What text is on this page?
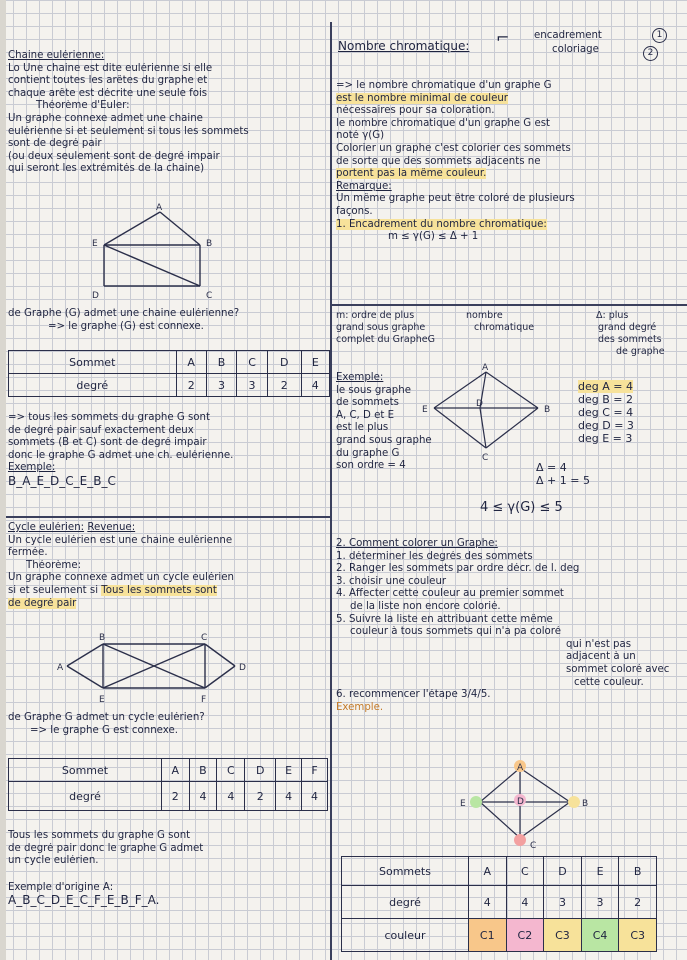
Chaine eulérienne:
Lo Une chaine est dite eulérienne si elle
contient toutes les arêtes du graphe et
chaque arête est décrite une seule fois
Théorème d'Euler:
Un graphe connexe admet une chaine
eulérienne si et seulement si tous les sommets
sont de degré pair
(ou deux seulement sont de degré impair
qui seront les extrémités de la chaine)
A
E	B
D	C
de Graphe (G) admet une chaine eulérienne?
=> le graphe (G) est connexe.
Sommet	A	B	C	D	E
degré	2	3	3	2	4
=> tous les sommets du graphe G sont
de degré pair sauf exactement deux
sommets (B et C) sont de degré impair
donc le graphe G admet une ch. eulérienne.
Exemple:
B_A_E_D_C_E_B_C
Cycle eulérien: Revenue:
Un cycle eulérien est une chaine eulérienne
fermée.
Théorème:
Un graphe connexe admet un cycle eulérien
si et seulement si Tous les sommets sont
de degré pair
B	C
A	D
E	F
de Graphe G admet un cycle eulérien?
=> le graphe G est connexe.
Sommet	A	B	C	D	E	F
degré	2	4	4	2	4	4
Tous les sommets du graphe G sont
de degré pair donc le graphe G admet
un cycle eulérien.
Exemple d'origine A:
A_B_C_D_E_C_F_E_B_F_A.
Nombre chromatique: ⌐ encadrement
coloriage
1
2
=> le nombre chromatique d'un graphe G
est le nombre minimal de couleur
nécessaires pour sa coloration.
le nombre chromatique d'un graphe G est
noté γ(G)
Colorier un graphe c'est colorier ces sommets
de sorte que des sommets adjacents ne
portent pas la même couleur.
Remarque:
Un même graphe peut être coloré de plusieurs
façons.
1. Encadrement du nombre chromatique:
m ≤ γ(G) ≤ Δ + 1
m: ordre de plus
grand sous graphe
complet du GrapheG
nombre
chromatique
Δ: plus
grand degré
des sommets
de graphe
Exemple:
le sous graphe
de sommets
A, C, D et E
est le plus
grand sous graphe
du graphe G
son ordre = 4
A
E
D
C
B
deg A = 4
deg B = 2
deg C = 4
deg D = 3
deg E = 3
Δ = 4
Δ + 1 = 5
4 ≤ γ(G) ≤ 5
2. Comment colorer un Graphe:
1. déterminer les degrés des sommets
2. Ranger les sommets par ordre décr. de l. deg
3. choisir une couleur
4. Affecter cette couleur au premier sommet
de la liste non encore colorié.
5. Suivre la liste en attribuant cette même
couleur à tous sommets qui n'a pa coloré
qui n'est pas
adjacent à un
sommet coloré avec
cette couleur.
6. recommencer l'étape 3/4/5.
Exemple.
A
E	D	B
C
Sommets	A	C	D	E	B
degré	4	4	3	3	2
couleur	C1	C2	C3	C4	C3
